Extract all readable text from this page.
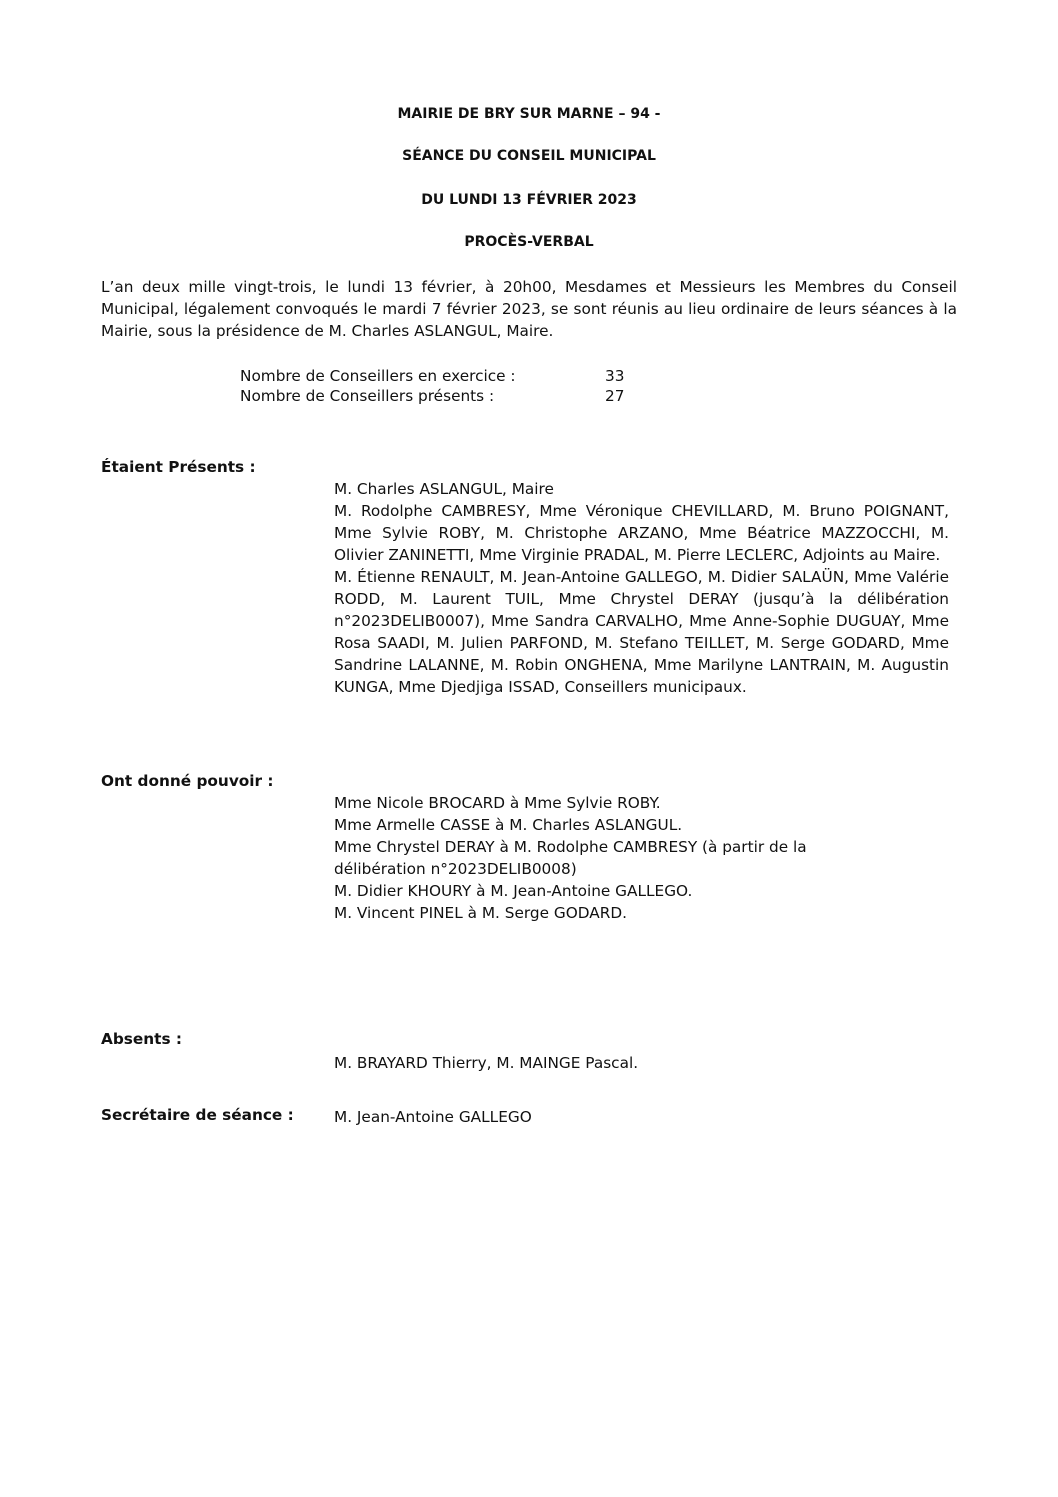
MAIRIE DE BRY SUR MARNE – 94 -
SÉANCE DU CONSEIL MUNICIPAL
DU LUNDI 13 FÉVRIER 2023
PROCÈS-VERBAL
L’an deux mille vingt-trois, le lundi 13 février, à 20h00, Mesdames et Messieurs les Membres du Conseil Municipal, légalement convoqués le mardi 7 février 2023, se sont réunis au lieu ordinaire de leurs séances à la Mairie, sous la présidence de M. Charles ASLANGUL, Maire.
Nombre de Conseillers en exercice :	33
Nombre de Conseillers présents :	27
Étaient Présents :

M. Charles ASLANGUL, Maire

M. Rodolphe CAMBRESY, Mme Véronique CHEVILLARD, M. Bruno POIGNANT, Mme Sylvie ROBY, M. Christophe ARZANO, Mme Béatrice MAZZOCCHI, M. Olivier ZANINETTI, Mme Virginie PRADAL, M. Pierre LECLERC, Adjoints au Maire.

M. Étienne RENAULT, M. Jean-Antoine GALLEGO, M. Didier SALAÜN, Mme Valérie RODD, M. Laurent TUIL, Mme Chrystel DERAY (jusqu’à la délibération n°2023DELIB0007), Mme Sandra CARVALHO, Mme Anne-Sophie DUGUAY, Mme Rosa SAADI, M. Julien PARFOND, M. Stefano TEILLET, M. Serge GODARD, Mme Sandrine LALANNE, M. Robin ONGHENA, Mme Marilyne LANTRAIN, M. Augustin KUNGA, Mme Djedjiga ISSAD, Conseillers municipaux.

Ont donné pouvoir :
Mme Nicole BROCARD à Mme Sylvie ROBY.
Mme Armelle CASSE à M. Charles ASLANGUL.
Mme Chrystel DERAY à M. Rodolphe CAMBRESY (à partir de la
délibération n°2023DELIB0008)
M. Didier KHOURY à M. Jean-Antoine GALLEGO.
M. Vincent PINEL à M. Serge GODARD.
Absents :
M. BRAYARD Thierry, M. MAINGE Pascal.
Secrétaire de séance :	M. Jean-Antoine GALLEGO
